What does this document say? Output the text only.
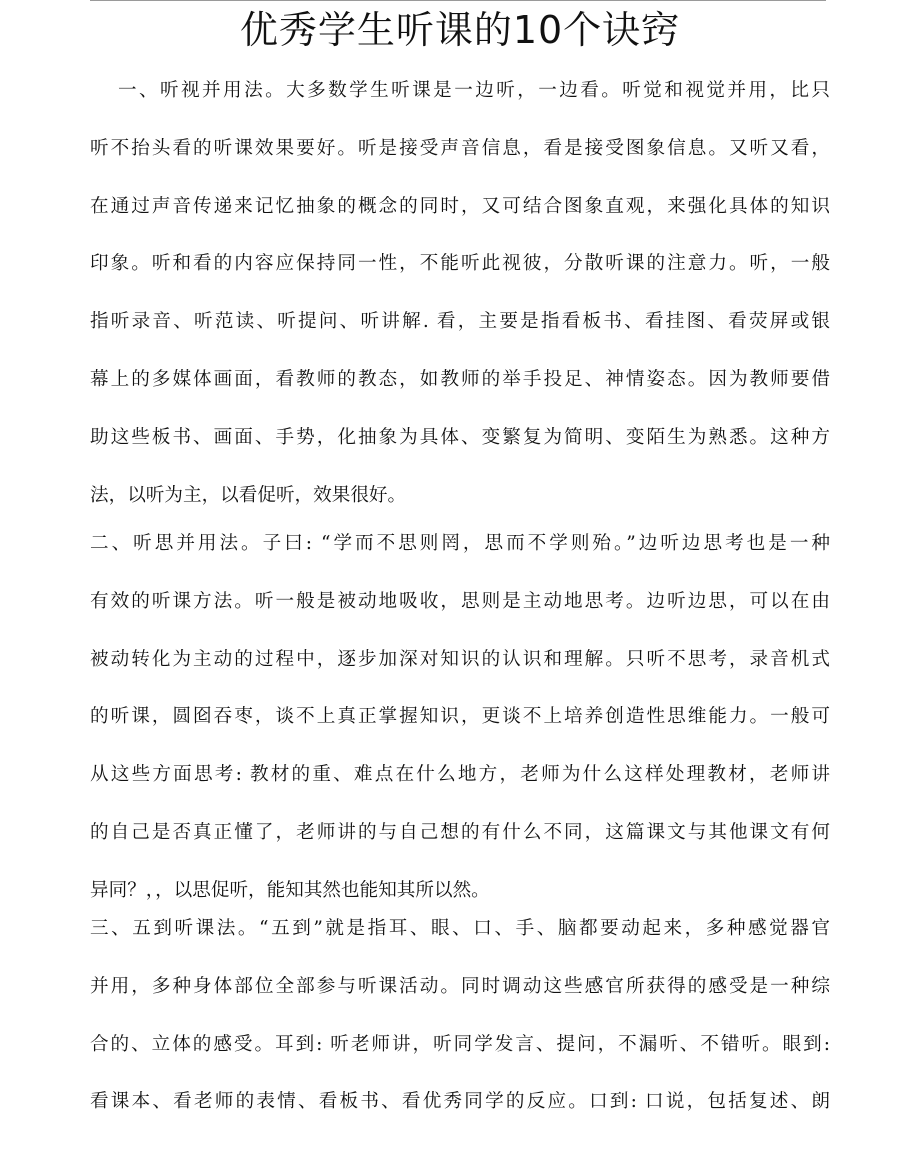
优秀学生听课的10个诀窍
一、听视并用法。大多数学生听课是一边听，一边看。听觉和视觉并用，比只
听不抬头看的听课效果要好。听是接受声音信息，看是接受图象信息。又听又看，
在通过声音传递来记忆抽象的概念的同时，又可结合图象直观，来强化具体的知识
印象。听和看的内容应保持同一性，不能听此视彼，分散听课的注意力。听，一般
指听录音、听范读、听提问、听讲解. 看，主要是指看板书、看挂图、看荧屏或银
幕上的多媒体画面，看教师的教态，如教师的举手投足、神情姿态。因为教师要借
助这些板书、画面、手势，化抽象为具体、变繁复为简明、变陌生为熟悉。这种方
法，以听为主，以看促听，效果很好。
二、听思并用法。子曰: “学而不思则罔，思而不学则殆。”边听边思考也是一种
有效的听课方法。听一般是被动地吸收，思则是主动地思考。边听边思，可以在由
被动转化为主动的过程中，逐步加深对知识的认识和理解。只听不思考，录音机式
的听课，圆囵吞枣，谈不上真正掌握知识，更谈不上培养创造性思维能力。一般可
从这些方面思考: 教材的重、难点在什么地方，老师为什么这样处理教材，老师讲
的自己是否真正懂了，老师讲的与自己想的有什么不同，这篇课文与其他课文有何
异同？，，以思促听，能知其然也能知其所以然。
三、五到听课法。“五到”就是指耳、眼、口、手、脑都要动起来，多种感觉器官
并用，多种身体部位全部参与听课活动。同时调动这些感官所获得的感受是一种综
合的、立体的感受。耳到: 听老师讲，听同学发言、提问，不漏听、不错听。眼到:
看课本、看老师的表情、看板书、看优秀同学的反应。口到: 口说，包括复述、朗
